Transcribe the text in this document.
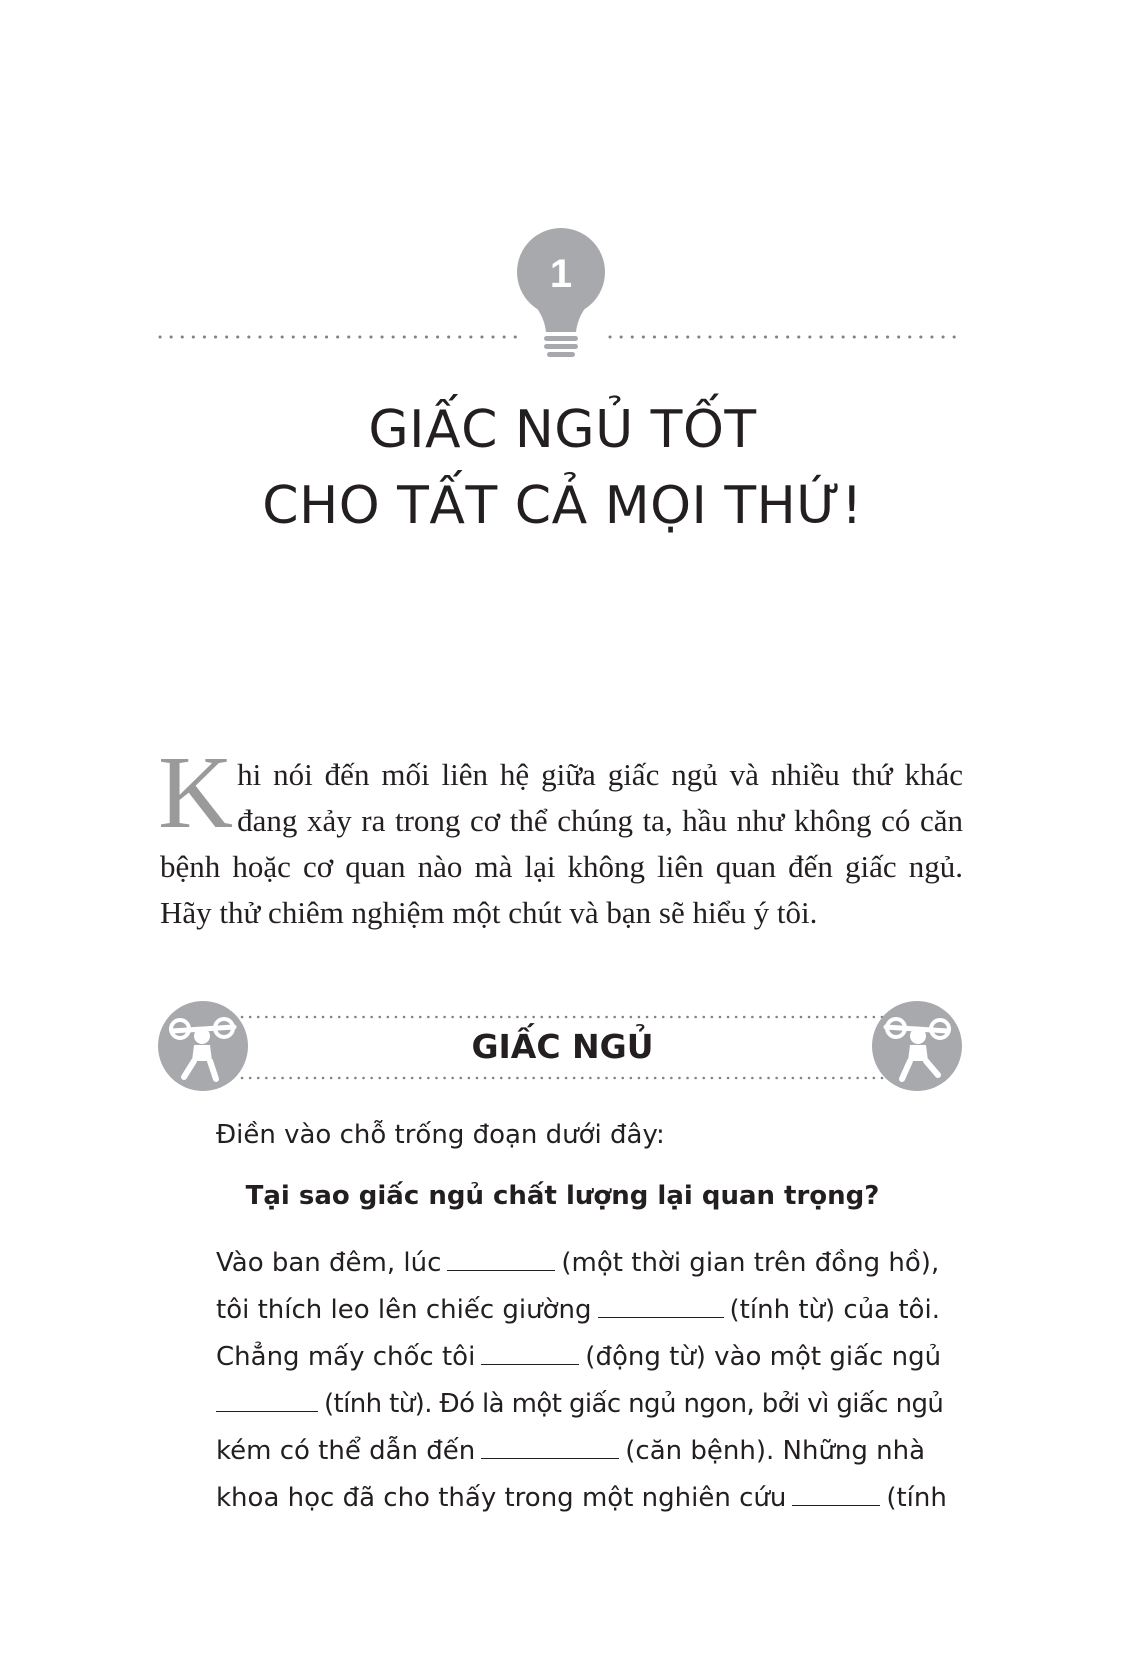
1
GIẤC NGỦ TỐT
CHO TẤT CẢ MỌI THỨ!
Khi nói đến mối liên hệ giữa giấc ngủ và nhiều thứ khác đang xảy ra trong cơ thể chúng ta, hầu như không có căn bệnh hoặc cơ quan nào mà lại không liên quan đến giấc ngủ. Hãy thử chiêm nghiệm một chút và bạn sẽ hiểu ý tôi.
GIẤC NGỦ
Điền vào chỗ trống đoạn dưới đây:
Tại sao giấc ngủ chất lượng lại quan trọng?
Vào ban đêm, lúc	(một thời gian trên đồng hồ),
tôi thích leo lên chiếc giường	(tính từ) của tôi.
Chẳng mấy chốc tôi	(động từ) vào một giấc ngủ
(tính từ). Đó là một giấc ngủ ngon, bởi vì giấc ngủ
kém có thể dẫn đến	(căn bệnh). Những nhà
khoa học đã cho thấy trong một nghiên cứu	(tính
